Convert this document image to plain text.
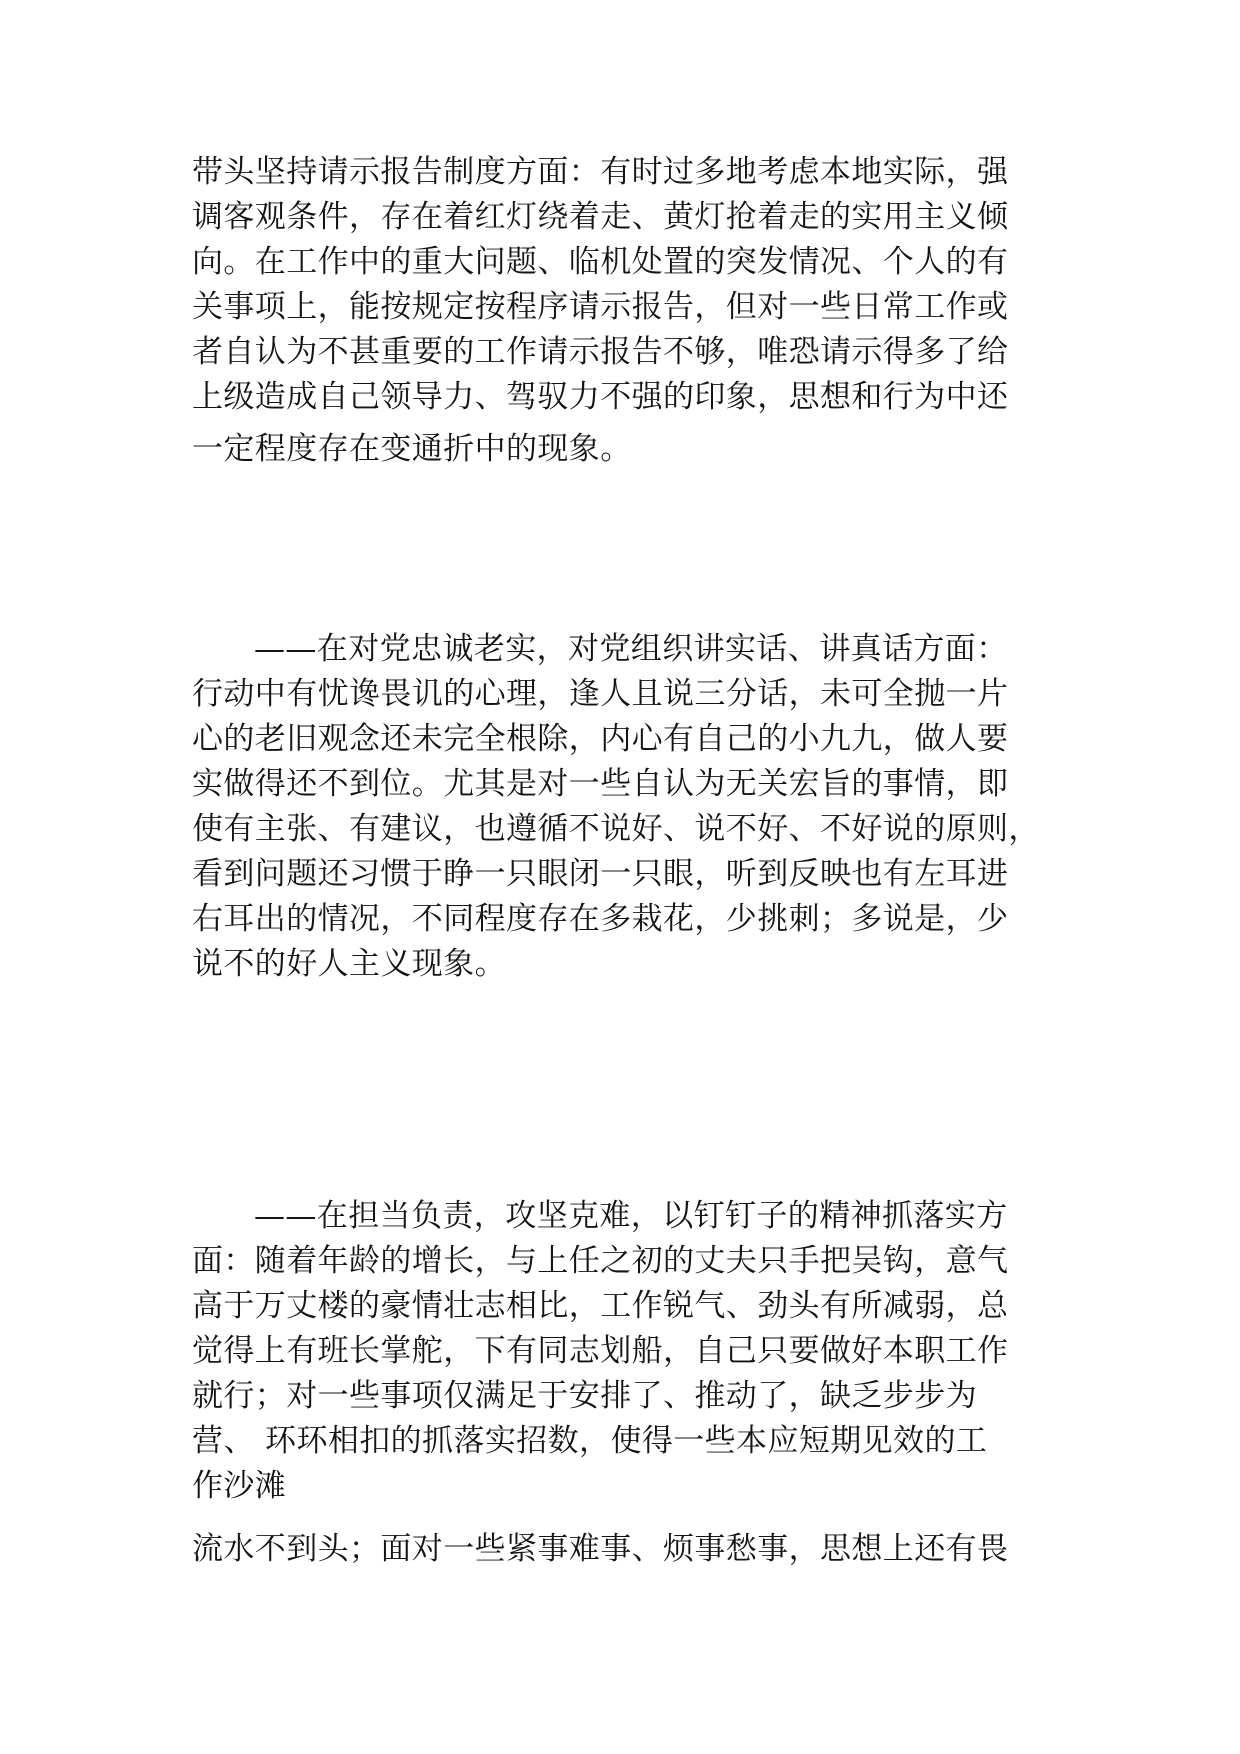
带头坚持请示报告制度方面：有时过多地考虑本地实际，强
调客观条件，存在着红灯绕着走、黄灯抢着走的实用主义倾
向。在工作中的重大问题、临机处置的突发情况、个人的有
关事项上，能按规定按程序请示报告，但对一些日常工作或
者自认为不甚重要的工作请示报告不够，唯恐请示得多了给
上级造成自己领导力、驾驭力不强的印象，思想和行为中还
一定程度存在变通折中的现象。
——在对党忠诚老实，对党组织讲实话、讲真话方面：
行动中有忧谗畏讥的心理，逢人且说三分话，未可全抛一片
心的老旧观念还未完全根除，内心有自己的小九九，做人要
实做得还不到位。尤其是对一些自认为无关宏旨的事情，即
使有主张、有建议，也遵循不说好、说不好、不好说的原则，
看到问题还习惯于睁一只眼闭一只眼，听到反映也有左耳进
右耳出的情况，不同程度存在多栽花，少挑刺；多说是，少
说不的好人主义现象。
——在担当负责，攻坚克难，以钉钉子的精神抓落实方
面：随着年龄的增长，与上任之初的丈夫只手把吴钩，意气
高于万丈楼的豪情壮志相比，工作锐气、劲头有所减弱，总
觉得上有班长掌舵，下有同志划船，自己只要做好本职工作
就行；对一些事项仅满足于安排了、推动了，缺乏步步为
营、 环环相扣的抓落实招数，使得一些本应短期见效的工
作沙滩
流水不到头；面对一些紧事难事、烦事愁事，思想上还有畏
